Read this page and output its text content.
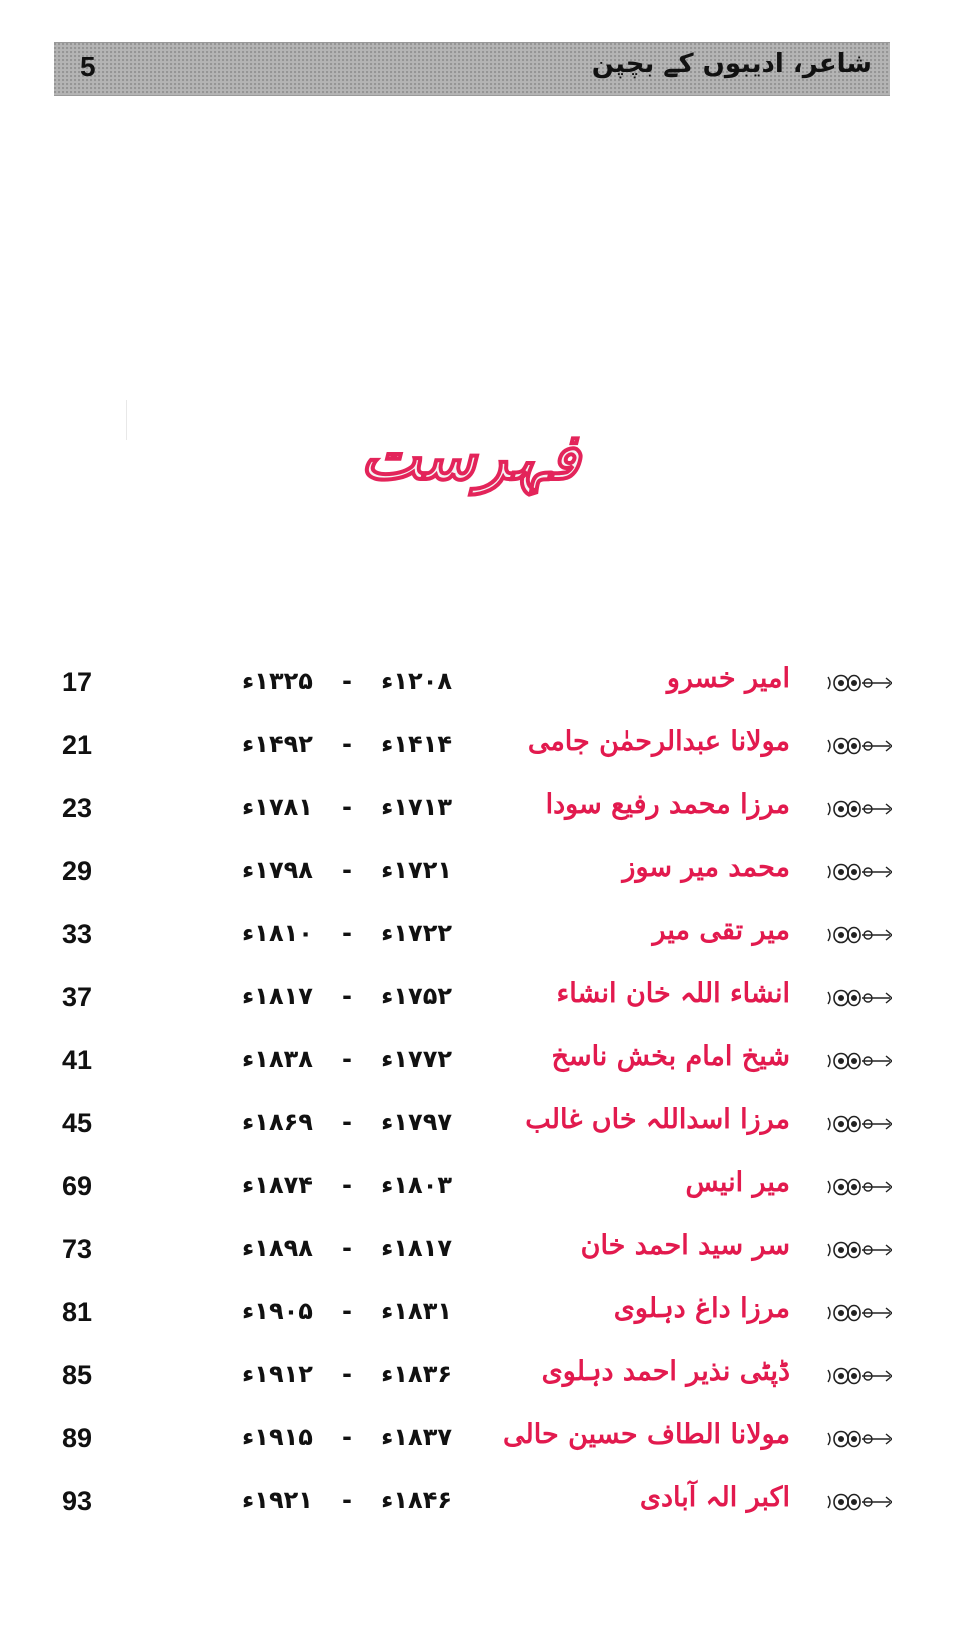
5	شاعر، ادیبوں کے بچپن
فہرست
17	۱۲۰۸ء-۱۳۲۵ء	امیر خسرو
21	۱۴۱۴ء-۱۴۹۲ء	مولانا عبدالرحمٰن جامی
23	۱۷۱۳ء-۱۷۸۱ء	مرزا محمد رفیع سودا
29	۱۷۲۱ء-۱۷۹۸ء	محمد میر سوز
33	۱۷۲۲ء-۱۸۱۰ء	میر تقی میر
37	۱۷۵۲ء-۱۸۱۷ء	انشاء اللہ خان انشاء
41	۱۷۷۲ء-۱۸۳۸ء	شیخ امام بخش ناسخ
45	۱۷۹۷ء-۱۸۶۹ء	مرزا اسداللہ خاں غالب
69	۱۸۰۳ء-۱۸۷۴ء	میر انیس
73	۱۸۱۷ء-۱۸۹۸ء	سر سید احمد خان
81	۱۸۳۱ء-۱۹۰۵ء	مرزا داغ دہلوی
85	۱۸۳۶ء-۱۹۱۲ء	ڈپٹی نذیر احمد دہلوی
89	۱۸۳۷ء-۱۹۱۵ء	مولانا الطاف حسین حالی
93	۱۸۴۶ء-۱۹۲۱ء	اکبر الہ آبادی
